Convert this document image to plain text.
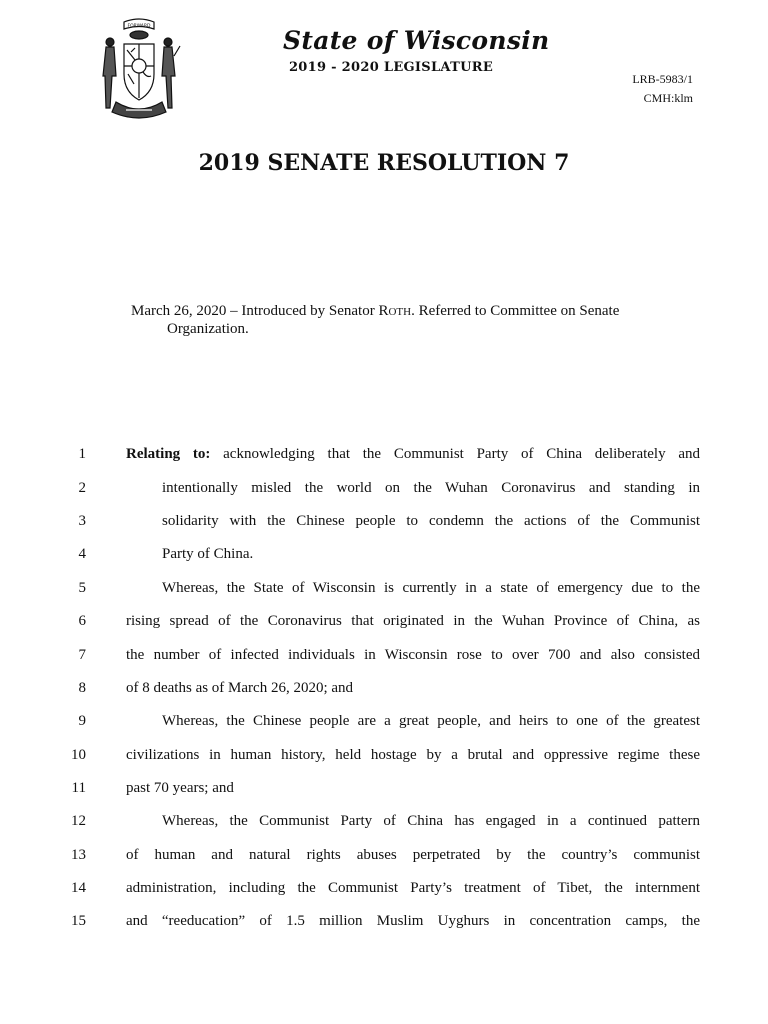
FORWARD	State of Wisconsin
2019 - 2020 LEGISLATURE
LRB-5983/1
CMH:klm
2019 SENATE RESOLUTION 7
March 26, 2020 – Introduced by Senator Roth. Referred to Committee on Senate
Organization.
1	Relating to: acknowledging that the Communist Party of China deliberately and
2	intentionally misled the world on the Wuhan Coronavirus and standing in
3	solidarity with the Chinese people to condemn the actions of the Communist
4	Party of China.
5	Whereas, the State of Wisconsin is currently in a state of emergency due to the
6	rising spread of the Coronavirus that originated in the Wuhan Province of China, as
7	the number of infected individuals in Wisconsin rose to over 700 and also consisted
8	of 8 deaths as of March 26, 2020; and
9	Whereas, the Chinese people are a great people, and heirs to one of the greatest
10	civilizations in human history, held hostage by a brutal and oppressive regime these
11	past 70 years; and
12	Whereas, the Communist Party of China has engaged in a continued pattern
13	of human and natural rights abuses perpetrated by the country’s communist
14	administration, including the Communist Party’s treatment of Tibet, the internment
15	and “reeducation” of 1.5 million Muslim Uyghurs in concentration camps, the
